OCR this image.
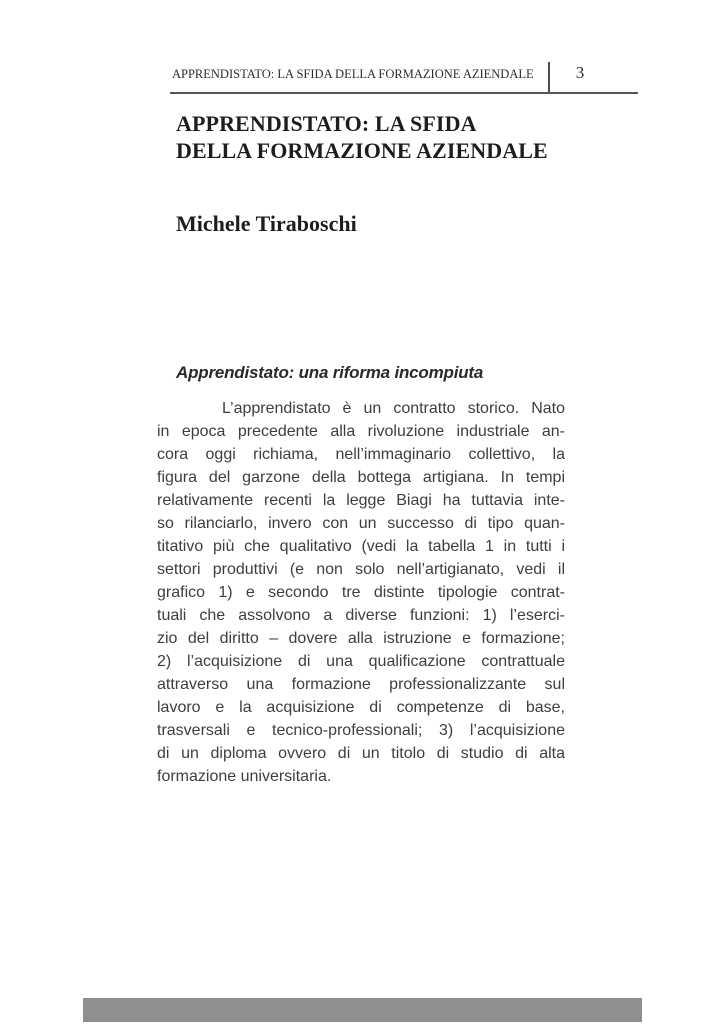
APPRENDISTATO: LA SFIDA DELLA FORMAZIONE AZIENDALE	3
APPRENDISTATO: LA SFIDA
DELLA FORMAZIONE AZIENDALE
Michele Tiraboschi
Apprendistato: una riforma incompiuta
L’apprendistato è un contratto storico. Nato
in epoca precedente alla rivoluzione industriale an-
cora oggi richiama, nell’immaginario collettivo, la
figura del garzone della bottega artigiana. In tempi
relativamente recenti la legge Biagi ha tuttavia inte-
so rilanciarlo, invero con un successo di tipo quan-
titativo più che qualitativo (vedi la tabella 1 in tutti i
settori produttivi (e non solo nell’artigianato, vedi il
grafico 1) e secondo tre distinte tipologie contrat-
tuali che assolvono a diverse funzioni: 1) l’eserci-
zio del diritto – dovere alla istruzione e formazione;
2) l’acquisizione di una qualificazione contrattuale
attraverso una formazione professionalizzante sul
lavoro e la acquisizione di competenze di base,
trasversali e tecnico-professionali; 3) l’acquisizione
di un diploma ovvero di un titolo di studio di alta
formazione universitaria.
